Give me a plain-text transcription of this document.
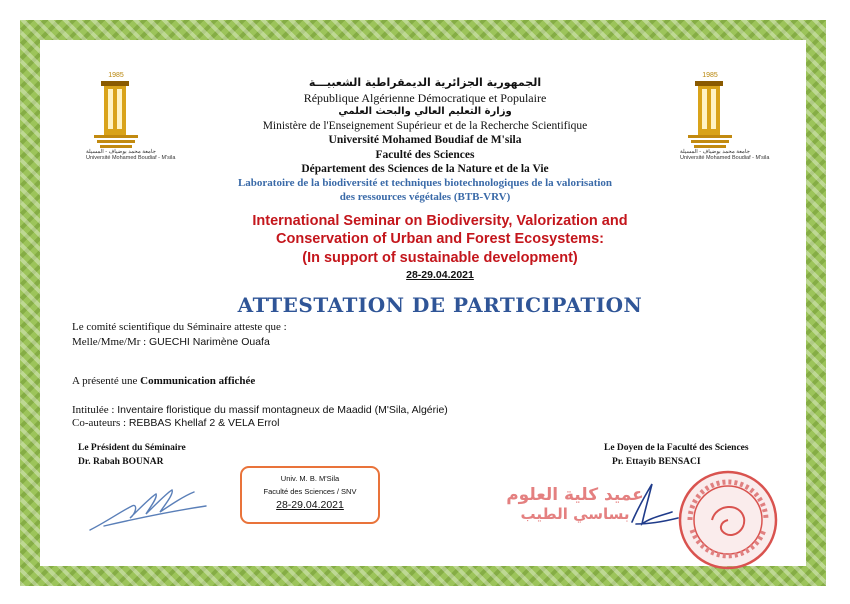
1985
جامعة محمد بوضياف - المسيلة
Université Mohamed Boudiaf - M'sila
1985
جامعة محمد بوضياف - المسيلة
Université Mohamed Boudiaf - M'sila
الجمهورية الجزائرية الديمقراطية الشعبيـــة
République Algérienne Démocratique et Populaire
وزارة التعليم العالي والبحث العلمي
Ministère de l'Enseignement Supérieur et de la Recherche Scientifique
Université Mohamed Boudiaf de M'sila
Faculté des Sciences
Département des Sciences de la Nature et de la Vie
Laboratoire de la biodiversité et techniques biotechnologiques de la valorisation
des ressources végétales (BTB-VRV)
International Seminar on Biodiversity, Valorization and
Conservation of Urban and Forest Ecosystems:
(In support of sustainable development)
28-29.04.2021
ATTESTATION DE PARTICIPATION
Le comité scientifique du Séminaire atteste que :
Melle/Mme/Mr : GUECHI Narimène Ouafa
A présenté une Communication affichée
Intitulée : Inventaire floristique du massif montagneux de Maadid (M'Sila, Algérie)
Co-auteurs : REBBAS Khellaf 2 & VELA Errol
Le Président du Séminaire
Dr. Rabah BOUNAR
Le Doyen de la Faculté des Sciences
Pr. Ettayib BENSACI
Univ. M. B. M'Sila
Faculté des Sciences / SNV
28-29.04.2021	عميد كلية العلوم
بساسي الطيب
